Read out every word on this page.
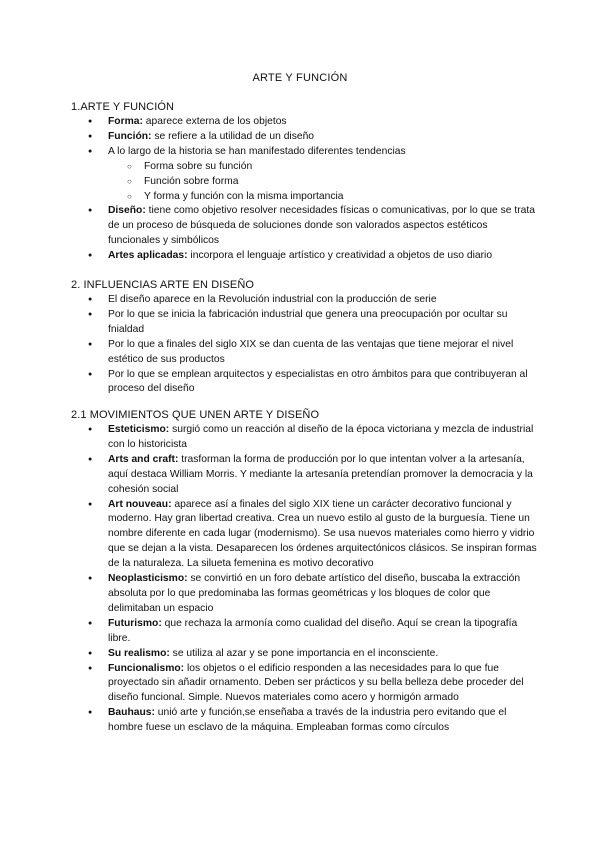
ARTE Y FUNCIÓN

1.ARTE Y FUNCIÓN

● Forma: aparece externa de los objetos
● Función: se refiere a la utilidad de un diseño
● A lo largo de la historia se han manifestado diferentes tendencias
○ Forma sobre su función
○ Función sobre forma
○ Y forma y función con la misma importancia
● Diseño: tiene como objetivo resolver necesidades físicas o comunicativas, por lo que se trata de un proceso de búsqueda de soluciones donde son valorados aspectos estéticos funcionales y simbólicos
● Artes aplicadas: incorpora el lenguaje artístico y creatividad a objetos de uso diario

2. INFLUENCIAS ARTE EN DISEÑO

● El diseño aparece en la Revolución industrial con la producción de serie
● Por lo que se inicia la fabricación industrial que genera una preocupación por ocultar su fnialdad
● Por lo que a finales del siglo XIX se dan cuenta de las ventajas que tiene mejorar el nivel estético de sus productos
● Por lo que se emplean arquitectos y especialistas en otro ámbitos para que contribuyeran al proceso del diseño

2.1 MOVIMIENTOS QUE UNEN ARTE Y DISEÑO

● Esteticismo: surgió como un reacción al diseño de la época victoriana y mezcla de industrial con lo historicista
● Arts and craft: trasforman la forma de producción por lo que intentan volver a la artesanía, aquí destaca William Morris. Y mediante la artesanía pretendían promover la democracia y la cohesión social
● Art nouveau: aparece así a finales del siglo XIX tiene un carácter decorativo funcional y moderno. Hay gran libertad creativa. Crea un nuevo estilo al gusto de la burguesía. Tiene un nombre diferente en cada lugar (modernismo). Se usa nuevos materiales como hierro y vidrio que se dejan a la vista. Desaparecen los órdenes arquitectónicos clásicos. Se inspiran formas de la naturaleza. La silueta femenina es motivo decorativo
● Neoplasticismo: se convirtió en un foro debate artístico del diseño, buscaba la extracción absoluta por lo que predominaba las formas geométricas y los bloques de color que delimitaban un espacio
● Futurismo: que rechaza la armonía como cualidad del diseño. Aquí se crean la tipografía libre.
● Su realismo: se utiliza al azar y se pone importancia en el inconsciente.
● Funcionalismo: los objetos o el edificio responden a las necesidades para lo que fue proyectado sin añadir ornamento. Deben ser prácticos y su bella belleza debe proceder del diseño funcional. Simple. Nuevos materiales como acero y hormigón armado
● Bauhaus: unió arte y función,se enseñaba a través de la industria pero evitando que el hombre fuese un esclavo de la máquina. Empleaban formas como círculos
